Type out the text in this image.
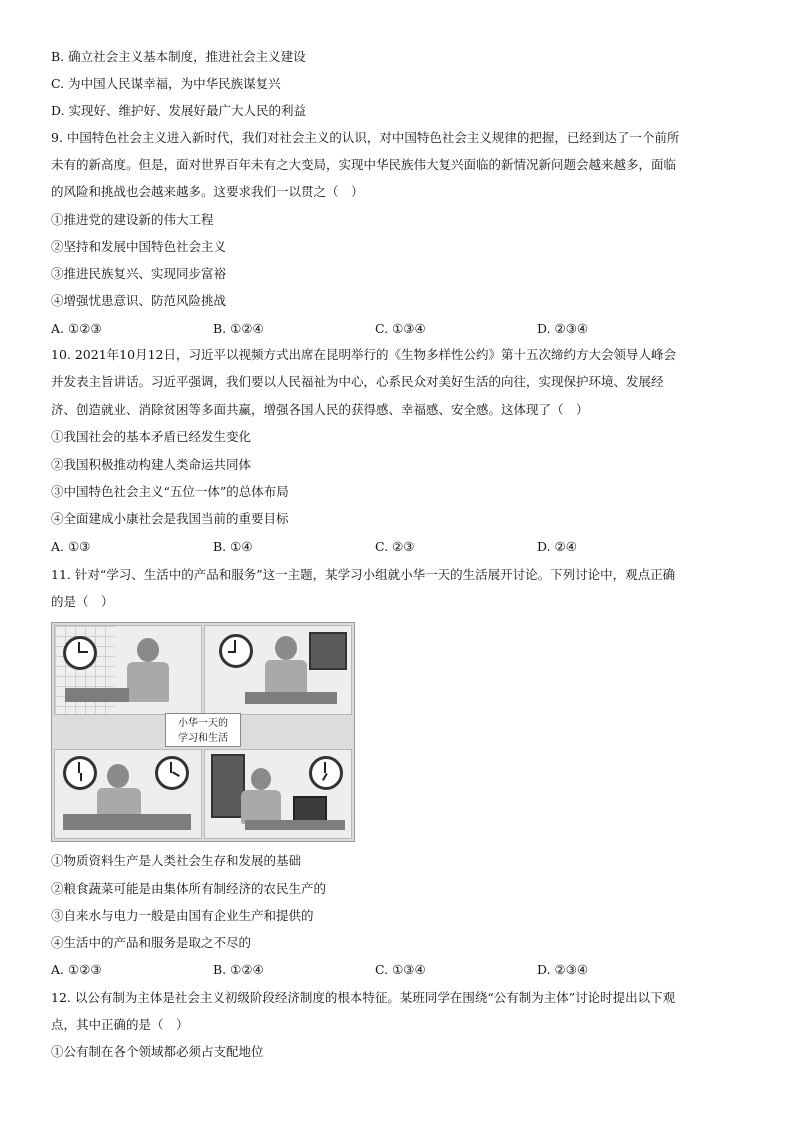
B. 确立社会主义基本制度，推进社会主义建设
C. 为中国人民谋幸福，为中华民族谋复兴
D. 实现好、维护好、发展好最广大人民的利益
9. 中国特色社会主义进入新时代，我们对社会主义的认识，对中国特色社会主义规律的把握，已经到达了一个前所
未有的新高度。但是，面对世界百年未有之大变局，实现中华民族伟大复兴面临的新情况新问题会越来越多，面临
的风险和挑战也会越来越多。这要求我们一以贯之（　）
①推进党的建设新的伟大工程
②坚持和发展中国特色社会主义
③推进民族复兴、实现同步富裕
④增强忧患意识、防范风险挑战
A. ①②③	B. ①②④	C. ①③④	D. ②③④
10. 2021年10月12日，习近平以视频方式出席在昆明举行的《生物多样性公约》第十五次缔约方大会领导人峰会
并发表主旨讲话。习近平强调，我们要以人民福祉为中心，心系民众对美好生活的向往，实现保护环境、发展经
济、创造就业、消除贫困等多面共赢，增强各国人民的获得感、幸福感、安全感。这体现了（　）
①我国社会的基本矛盾已经发生变化
②我国积极推动构建人类命运共同体
③中国特色社会主义“五位一体”的总体布局
④全面建成小康社会是我国当前的重要目标
A. ①③	B. ①④	C. ②③	D. ②④
11. 针对“学习、生活中的产品和服务”这一主题，某学习小组就小华一天的生活展开讨论。下列讨论中，观点正确
的是（　）
小华一天的
学习和生活
①物质资料生产是人类社会生存和发展的基础
②粮食蔬菜可能是由集体所有制经济的农民生产的
③自来水与电力一般是由国有企业生产和提供的
④生活中的产品和服务是取之不尽的
A. ①②③	B. ①②④	C. ①③④	D. ②③④
12. 以公有制为主体是社会主义初级阶段经济制度的根本特征。某班同学在围绕“公有制为主体”讨论时提出以下观
点，其中正确的是（　）
①公有制在各个领域都必须占支配地位
